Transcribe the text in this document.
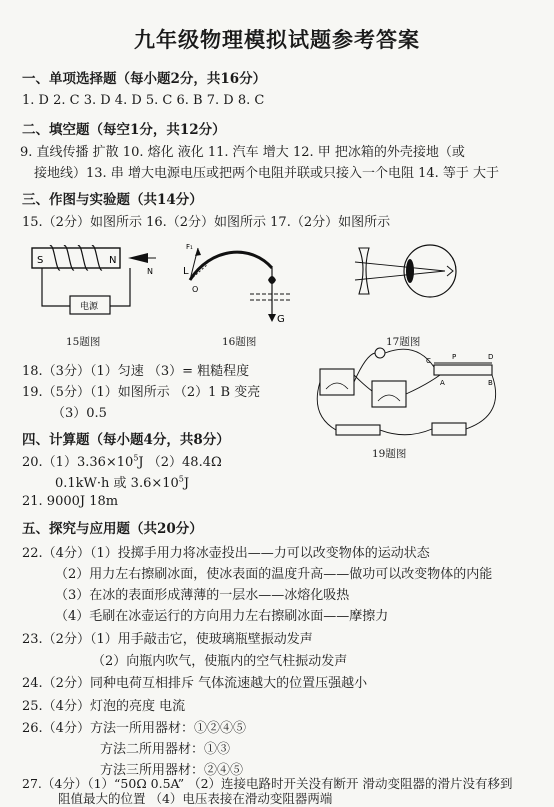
九年级物理模拟试题参考答案
一、单项选择题（每小题2分，共16分）
1. D 2. C 3. D 4. D 5. C 6. B 7. D 8. C
二、填空题（每空1分，共12分）
9. 直线传播 扩散 10. 熔化 液化 11. 汽车 增大 12. 甲 把冰箱的外壳接地（或
接地线）13. 串 增大电源电压或把两个电阻并联或只接入一个电阻 14. 等于 大于
三、作图与实验题（共14分）
15.（2分）如图所示 16.（2分）如图所示 17.（2分）如图所示
S	N
N
电源
15题图
F₁
L
O
G
16题图	17题图
18.（3分）（1）匀速 （3）= 粗糙程度
19.（5分）（1）如图所示 （2）1 B 变亮
（3）0.5
C	P	D
A	B
19题图
四、计算题（每小题4分，共8分）
$20.(1)3.36\times 10^5J$ （2）48.4Ω
0.1kW·h 或 $3.6\times 10^5J$
21. 9000J 18m
五、探究与应用题（共20分）
22.（4分）（1）投掷手用力将冰壶投出——力可以改变物体的运动状态
（2）用力左右擦刷冰面，使冰表面的温度升高——做功可以改变物体的内能
（3）在冰的表面形成薄薄的一层水——冰熔化吸热
（4）毛刷在冰壶运行的方向用力左右擦刷冰面——摩擦力
23.（2分）（1）用手敲击它，使玻璃瓶壁振动发声
（2）向瓶内吹气，使瓶内的空气柱振动发声
24.（2分）同种电荷互相排斥 气体流速越大的位置压强越小
25.（4分）灯泡的亮度 电流
26.（4分）方法一所用器材：①②④⑤
方法二所用器材：①③
方法三所用器材：②④⑤
27.（4分）（1）“50Ω 0.5A” （2）连接电路时开关没有断开 滑动变阻器的滑片没有移到
阻值最大的位置 （4）电压表接在滑动变阻器两端
